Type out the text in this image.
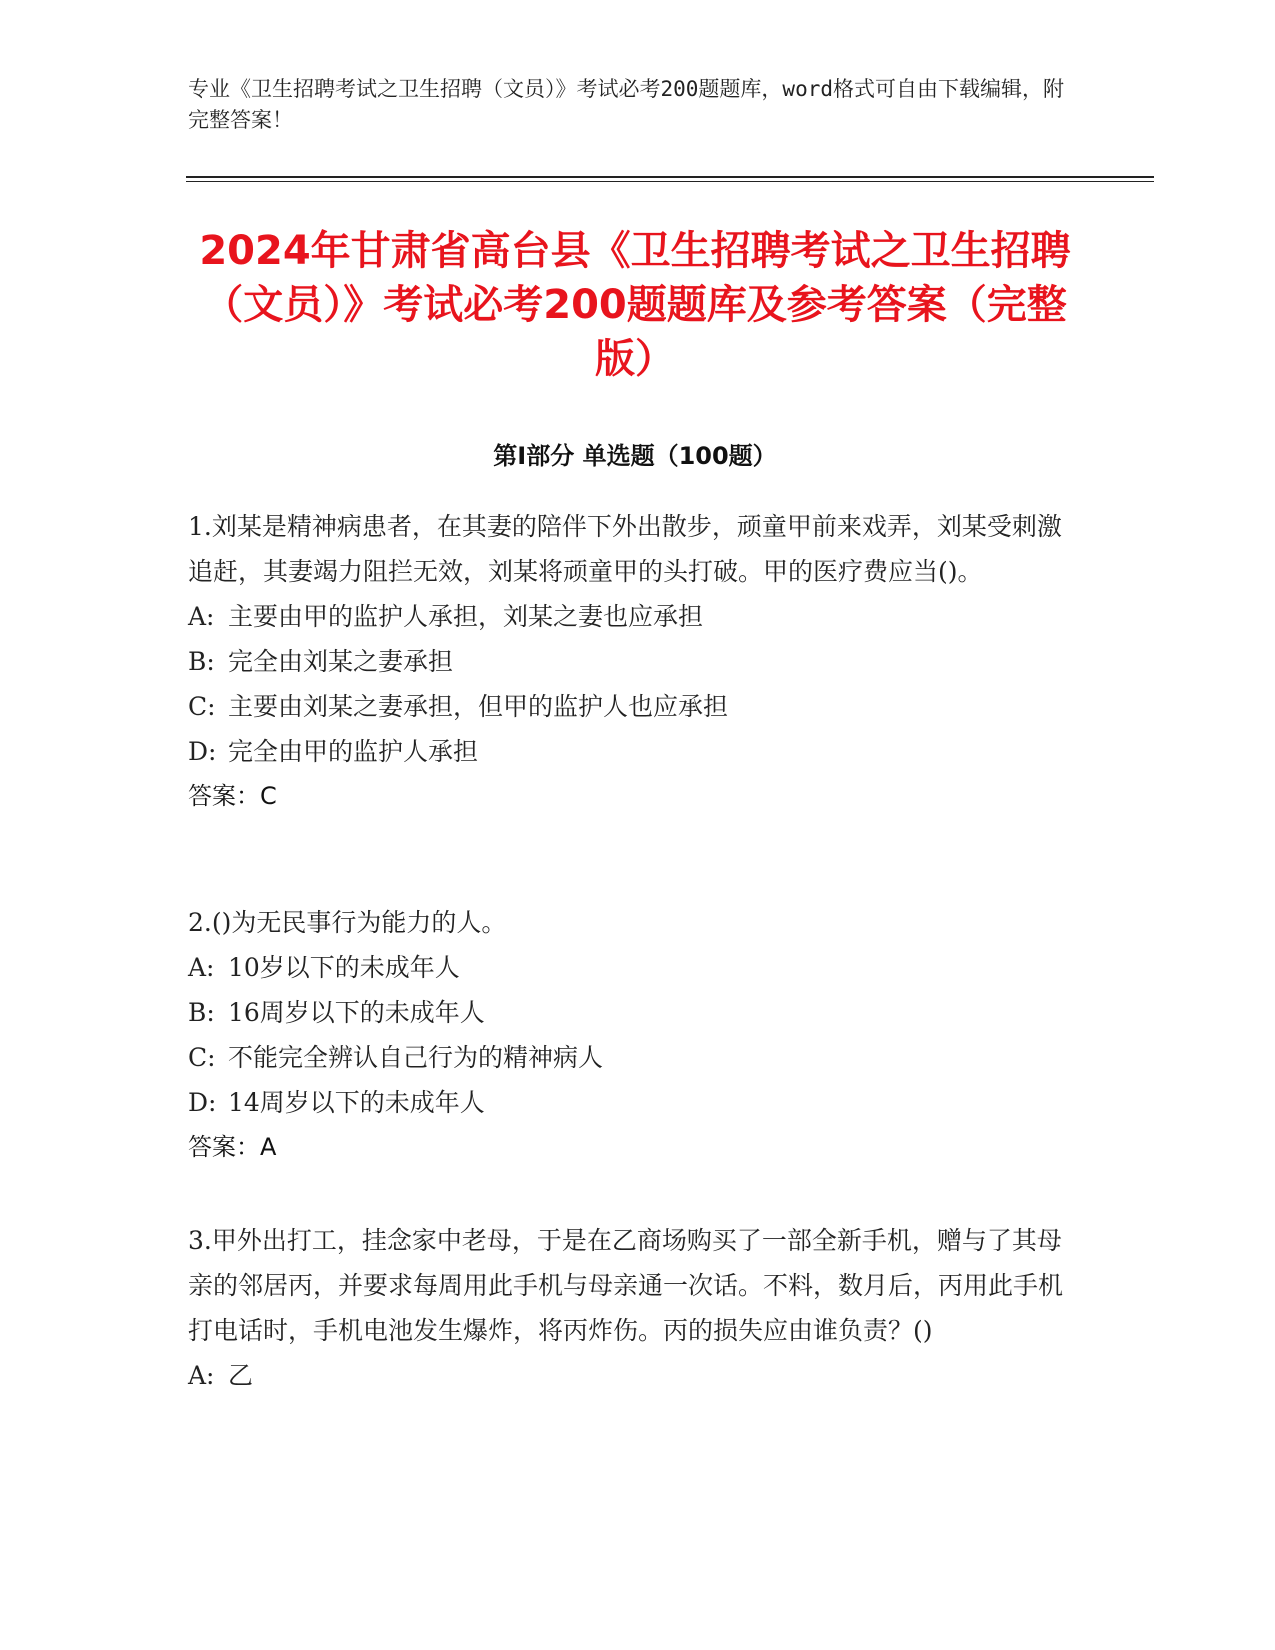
专业《卫生招聘考试之卫生招聘（文员）》考试必考200题题库，word格式可自由下载编辑，附完整答案！
2024年甘肃省高台县《卫生招聘考试之卫生招聘（文员）》考试必考200题题库及参考答案（完整版）
第I部分 单选题（100题）

1.刘某是精神病患者，在其妻的陪伴下外出散步，顽童甲前来戏弄，刘某受刺激追赶，其妻竭力阻拦无效，刘某将顽童甲的头打破。甲的医疗费应当()。

A: 主要由甲的监护人承担，刘某之妻也应承担

B: 完全由刘某之妻承担

C: 主要由刘某之妻承担，但甲的监护人也应承担

D: 完全由甲的监护人承担

答案：C

2.()为无民事行为能力的人。

A: 10岁以下的未成年人

B: 16周岁以下的未成年人

C: 不能完全辨认自己行为的精神病人

D: 14周岁以下的未成年人

答案：A

3.甲外出打工，挂念家中老母，于是在乙商场购买了一部全新手机，赠与了其母亲的邻居丙，并要求每周用此手机与母亲通一次话。不料，数月后，丙用此手机打电话时，手机电池发生爆炸，将丙炸伤。丙的损失应由谁负责？()

A: 乙
